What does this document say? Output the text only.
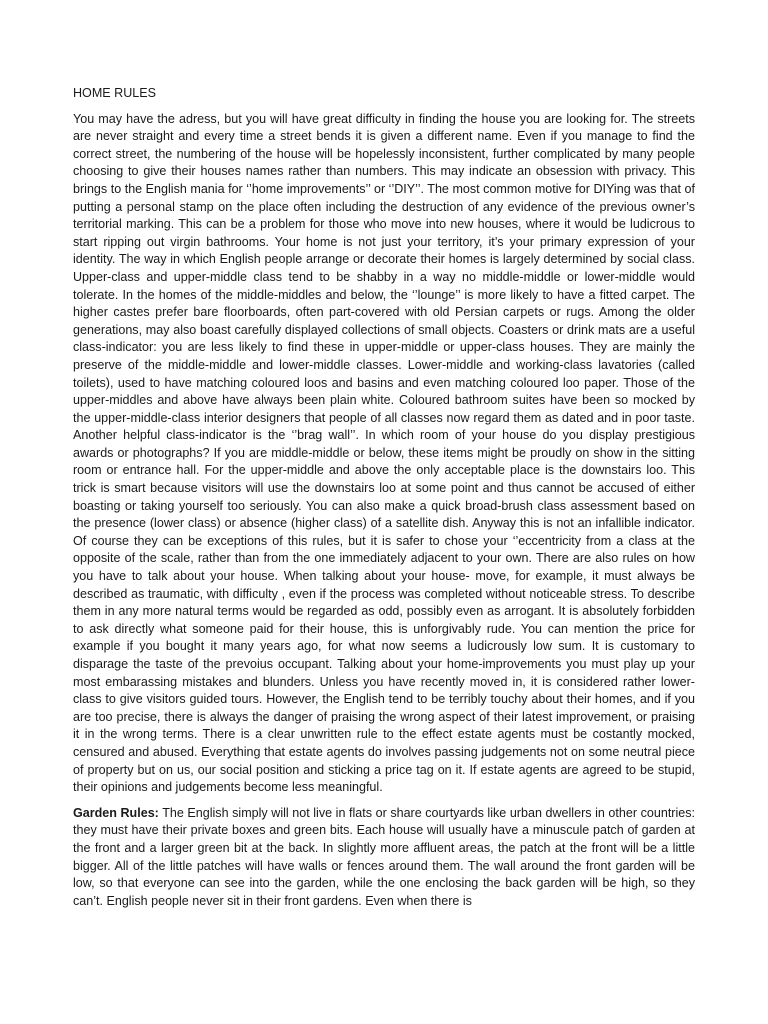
HOME RULES

You may have the adress, but you will have great difficulty in finding the house you are looking for. The streets are never straight and every time a street bends it is given a different name. Even if you manage to find the correct street, the numbering of the house will be hopelessly inconsistent, further complicated by many people choosing to give their houses names rather than numbers. This may indicate an obsession with privacy. This brings to the English mania for ‘’home improvements’’ or ‘’DIY’’. The most common motive for DIYing was that of putting a personal stamp on the place often including the destruction of any evidence of the previous owner’s territorial marking. This can be a problem for those who move into new houses, where it would be ludicrous to start ripping out virgin bathrooms. Your home is not just your territory, it’s your primary expression of your identity. The way in which English people arrange or decorate their homes is largely determined by social class. Upper-class and upper-middle class tend to be shabby in a way no middle-middle or lower-middle would tolerate. In the homes of the middle-middles and below, the ‘’lounge’’ is more likely to have a fitted carpet. The higher castes prefer bare floorboards, often part-covered with old Persian carpets or rugs. Among the older generations, may also boast carefully displayed collections of small objects. Coasters or drink mats are a useful class-indicator: you are less likely to find these in upper-middle or upper-class houses. They are mainly the preserve of the middle-middle and lower-middle classes. Lower-middle and working-class lavatories (called toilets), used to have matching coloured loos and basins and even matching coloured loo paper. Those of the upper-middles and above have always been plain white. Coloured bathroom suites have been so mocked by the upper-middle-class interior designers that people of all classes now regard them as dated and in poor taste. Another helpful class-indicator is the ‘’brag wall’’. In which room of your house do you display prestigious awards or photographs? If you are middle-middle or below, these items might be proudly on show in the sitting room or entrance hall. For the upper-middle and above the only acceptable place is the downstairs loo. This trick is smart because visitors will use the downstairs loo at some point and thus cannot be accused of either boasting or taking yourself too seriously. You can also make a quick broad-brush class assessment based on the presence (lower class) or absence (higher class) of a satellite dish. Anyway this is not an infallible indicator. Of course they can be exceptions of this rules, but it is safer to chose your ‘’eccentricity from a class at the opposite of the scale, rather than from the one immediately adjacent to your own. There are also rules on how you have to talk about your house. When talking about your house- move, for example, it must always be described as traumatic, with difficulty , even if the process was completed without noticeable stress. To describe them in any more natural terms would be regarded as odd, possibly even as arrogant. It is absolutely forbidden to ask directly what someone paid for their house, this is unforgivably rude. You can mention the price for example if you bought it many years ago, for what now seems a ludicrously low sum. It is customary to disparage the taste of the prevoius occupant. Talking about your home-improvements you must play up your most embarassing mistakes and blunders. Unless you have recently moved in, it is considered rather lower-class to give visitors guided tours. However, the English tend to be terribly touchy about their homes, and if you are too precise, there is always the danger of praising the wrong aspect of their latest improvement, or praising it in the wrong terms. There is a clear unwritten rule to the effect estate agents must be costantly mocked, censured and abused. Everything that estate agents do involves passing judgements not on some neutral piece of property but on us, our social position and sticking a price tag on it. If estate agents are agreed to be stupid, their opinions and judgements become less meaningful.

Garden Rules: The English simply will not live in flats or share courtyards like urban dwellers in other countries: they must have their private boxes and green bits. Each house will usually have a minuscule patch of garden at the front and a larger green bit at the back. In slightly more affluent areas, the patch at the front will be a little bigger. All of the little patches will have walls or fences around them. The wall around the front garden will be low, so that everyone can see into the garden, while the one enclosing the back garden will be high, so they can’t. English people never sit in their front gardens. Even when there is
